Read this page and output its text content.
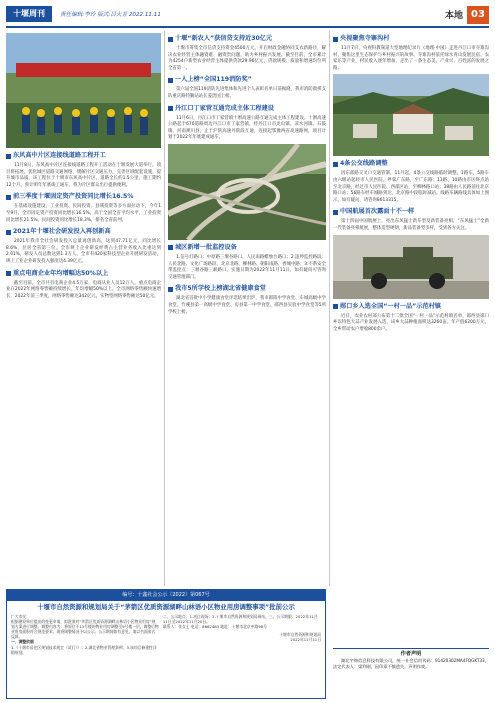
十堰周刊	责任编辑:李玲 版式:吕大芳 2022.11.11	本地 03
东风高中片区连接线道路工程开工
11月8日，东风高中片区连接线道路工程开工活动在十堰发展大道举行。项目将拓展、优化城区道路交通网络，缓解片区交通压力，完善区域配套设施，提升城市品质。该工程位于十堰市东风高中片区，道路全长约1.5公里，施工期约12个月，预计明年年底竣工通车，将为片区群众出行提供便利。
前三季度十堰固定资产投资同比增长16.5%
在基础设施建设、工业投资、民间投资、县域投资等多方面拉动下，今年1至9月，全市固定资产投资同比增长16.5%，高于全国全省平均水平，工业投资同比增长21.5%，民间投资同比增长18.3%，排名全省前列。
2021年十堰社会研发投入再创新高
2021年我市全社会研发投入总量再创新高，达到47.71亿元，同比增长8.6%，位居全省第三位。全市规上企业研发经费占主营业务收入比重达到2.01%，研发人员总数达到1.3万人。全市有420家科技型企业开展研发活动，规上工业企业研发投入强度达4.39亿元。
重点电商企业年均增幅达50%以上
截至目前，全市共有电商企业4.5万家，电商从业人员12万人。重点电商企业在2022年网络零售额持续增长，年均增幅50%以上。全市网络零售额快速增长，2022年前三季度，网络零售额达342亿元，实物型网络零售额达50亿元。
十堰“新农人”获信贷支持近30亿元
十堰市筹集全市信贷支持资金4500万元，开启财政金融协同支农新路径，解决农业经营主体融资难、融资贵问题，助力乡村振兴发展。截至目前，全市累计为4254户新型农业经营主体提供贷款29.96亿元，贷款规模、质量和增速均位列全省第一。
一人上榜“全国119消防奖”
第六届全国119消防先进集体和先进个人表彰名单日前揭晓，我市消防救援支队重庆路特勤站站长姜贵国上榜。
丹江口丁家营互通完成主体工程建设
11月6日，丹江口市丁家营镇十淅高速公路互通完成主体工程建设。十淅高速公路起于670道路周边丹江口市丁家营镇，经丹江口市龙山镇、凉水河镇、石鼓镇，河南淅川县，止于沪陕高速丹陕段互通，连接起鄂豫两省高速路网，项目计划于2022年年底建成通车。
城区新增一批监控设备
1.信号灯路口：中原路三堰谷路口、人民南路蜡烛台路口；2.违停监控路段：人民北路、文化广场路段、北京北路、柳林路、朝阳南路、香城中路；3.不系安全带监控点：三堰谷路三峡路口。实施日期为2022年11月11日，如有疑问可咨询交通管理部门。
我市5所学校上榜湖北省健康食堂
湖北省首批中小学健康食堂评选结果出炉，我市郧阳中学食堂、车城高级中学食堂、竹溪县第一高级中学食堂、房县第一中学食堂、郧西县实验中学食堂等5所学校上榜。
央视聚焦寺寨沟村
11月7日，央视科教频道大型地理纪录片《地理·中国》走进丹江口市寺寨沟村，聚焦这里生态保护与乡村振兴的故事。寺寨沟村依托绿水青山发展民宿、农家乐等产业，村民收入逐年增加，走出了一条生态美、产业兴、百姓富的发展之路。
4条公交线路调整
因东部路交叉口交通管制，11月起，4条公交线路临时调整。1路车、5路车由六堰站起经市人民医院，停靠广东路，至广东路；11路、10路由市区终点站至北京路，经过市人民医院、西部区站，至柳林路口站；38路由人民路前往北京路口站；56路车经车城路到达，北京路中段临时减站。线路车辆路线具体如上图示，如有疑问，请咨询8613315。
中国航展首次露面十不一样
第十四届中国航展上，亮出东风猛士新车型及新装备亮相，“东风猛士”全新一代装备亮相航展，整体造型硬朗，新品装备型多样，受到各方关注。
郧口乡入选全国“一村一品”示范村镇
近日，农业农村部公布第十二批全国“一村一品”示范村镇名单，郧西县郧口乡以特色大蒜产业发展入选，该乡大蒜种植面积达3260亩，年产值6200万元，全乡带动农户增收800余户。
编号：十鑫社会公示（2022）第067号
十堰市自然资源和规划局关于“茅箭区优质资源湖畔山林语小区物业用房调整事项”批前公示
广大市民：
根据建设单位提出的变更申请，拟批准对“茅箭区优质资源湖畔山林语小区物业用房”规划方案进行调整。调整内容为：将原位于13号楼的物业用房调整至9号楼一层，调整后物业用房面积符合规范要求。现将调整情况予以公示。公示期间如有意见，请以书面形式反馈。
一、调整依据
1.《十堰市居住区规划技术规定（试行）》；2.湖北省物业管理条例；3.该项目修建性详细规划。
二、公示地点：1.项目现场；2.十堰市自然资源和规划局网站。三、公示期限：2022年11月11日至2022年11月20日。
联系人：张女士 电话：8662483 地址：十堰市北京中路98号
十堰市自然资源和规划局
2022年11月11日
作者声明
湖北宇锦信息科技有限公司，统一社会信用代码：91420302MA4FQGKT33，法定代表人：梁利刚，因印章不慎遗失，声明作废。
